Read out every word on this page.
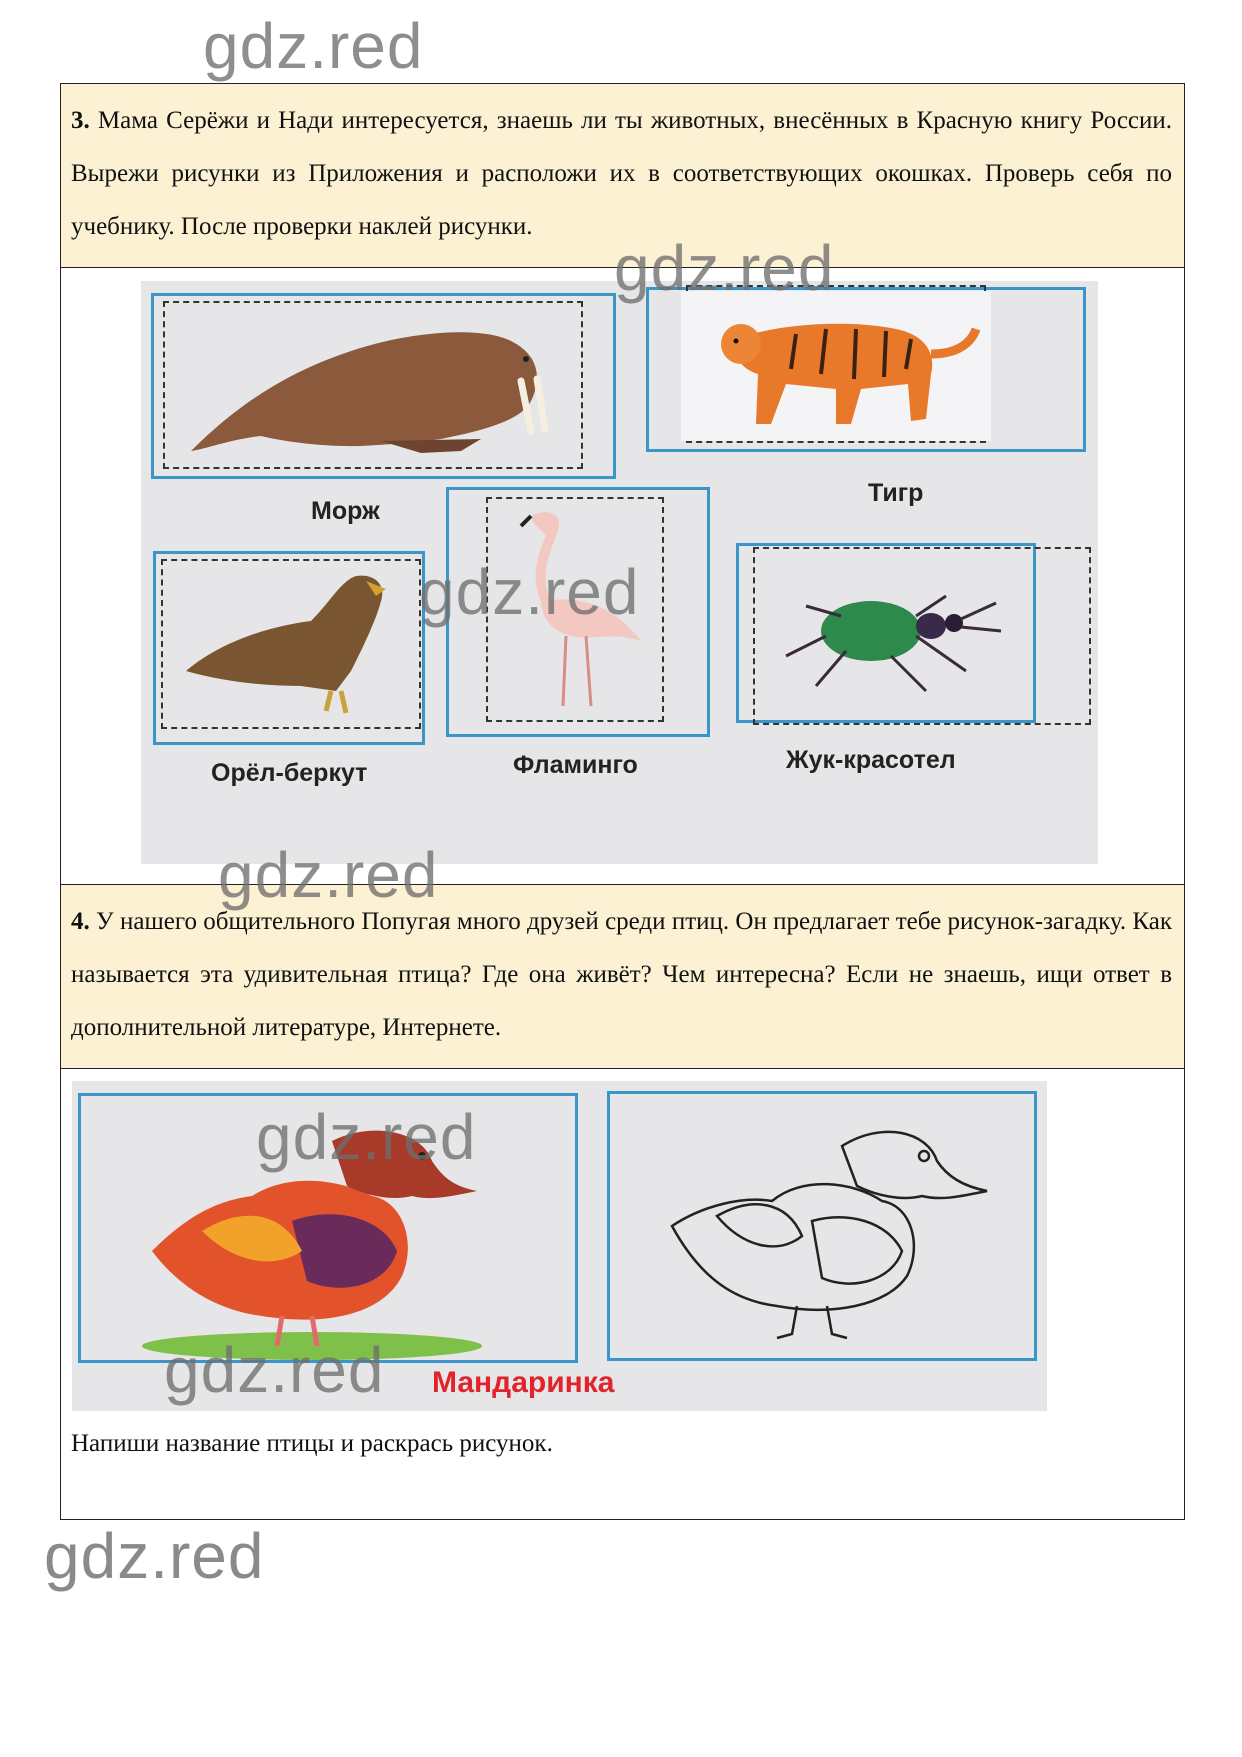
gdz.red
gdz.red
gdz.red
gdz.red
gdz.red
gdz.red
gdz.red
3. Мама Серёжи и Нади интересуется, знаешь ли ты животных, внесённых в Красную книгу России. Вырежи рисунки из Приложения и расположи их в соответствующих окошках. Проверь себя по учебнику. После проверки наклей рисунки.
Морж
Тигр
Орёл-беркут	Фламинго	Жук-красотел
4. У нашего общительного Попугая много друзей среди птиц. Он предлагает тебе рисунок-загадку. Как называется эта удивительная птица? Где она живёт? Чем интересна? Если не знаешь, ищи ответ в дополнительной литературе, Интернете.
Мандаринка
Напиши название птицы и раскрась рисунок.
